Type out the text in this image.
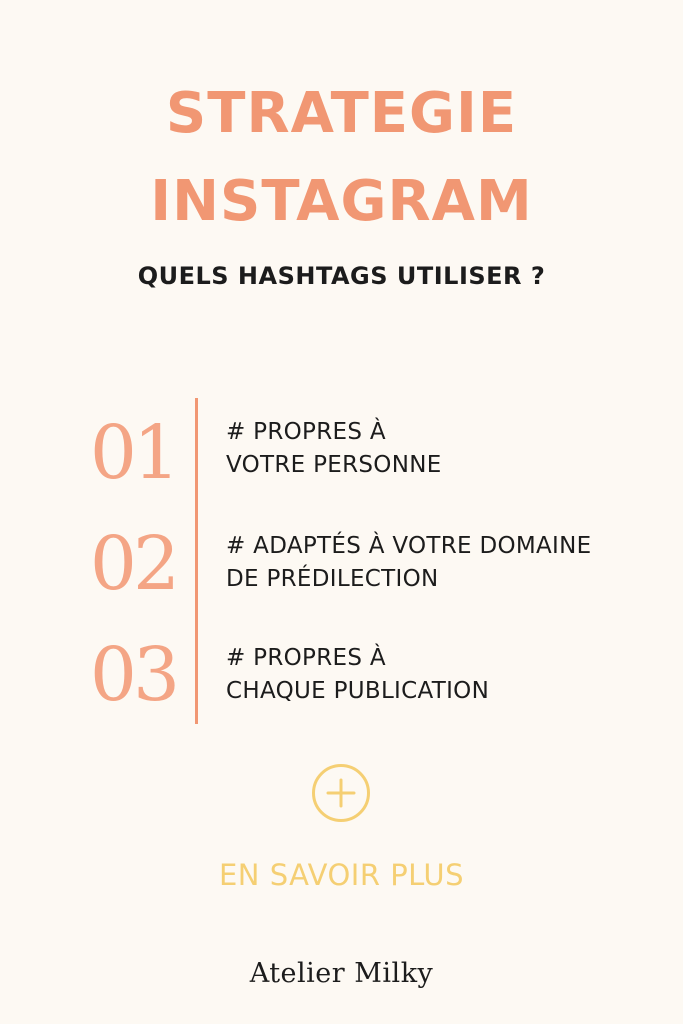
STRATEGIE
INSTAGRAM
QUELS HASHTAGS UTILISER ?
01	# PROPRES À
VOTRE PERSONNE
02	# ADAPTÉS À VOTRE DOMAINE
DE PRÉDILECTION
03	# PROPRES À
CHAQUE PUBLICATION
EN SAVOIR PLUS
Atelier Milky
